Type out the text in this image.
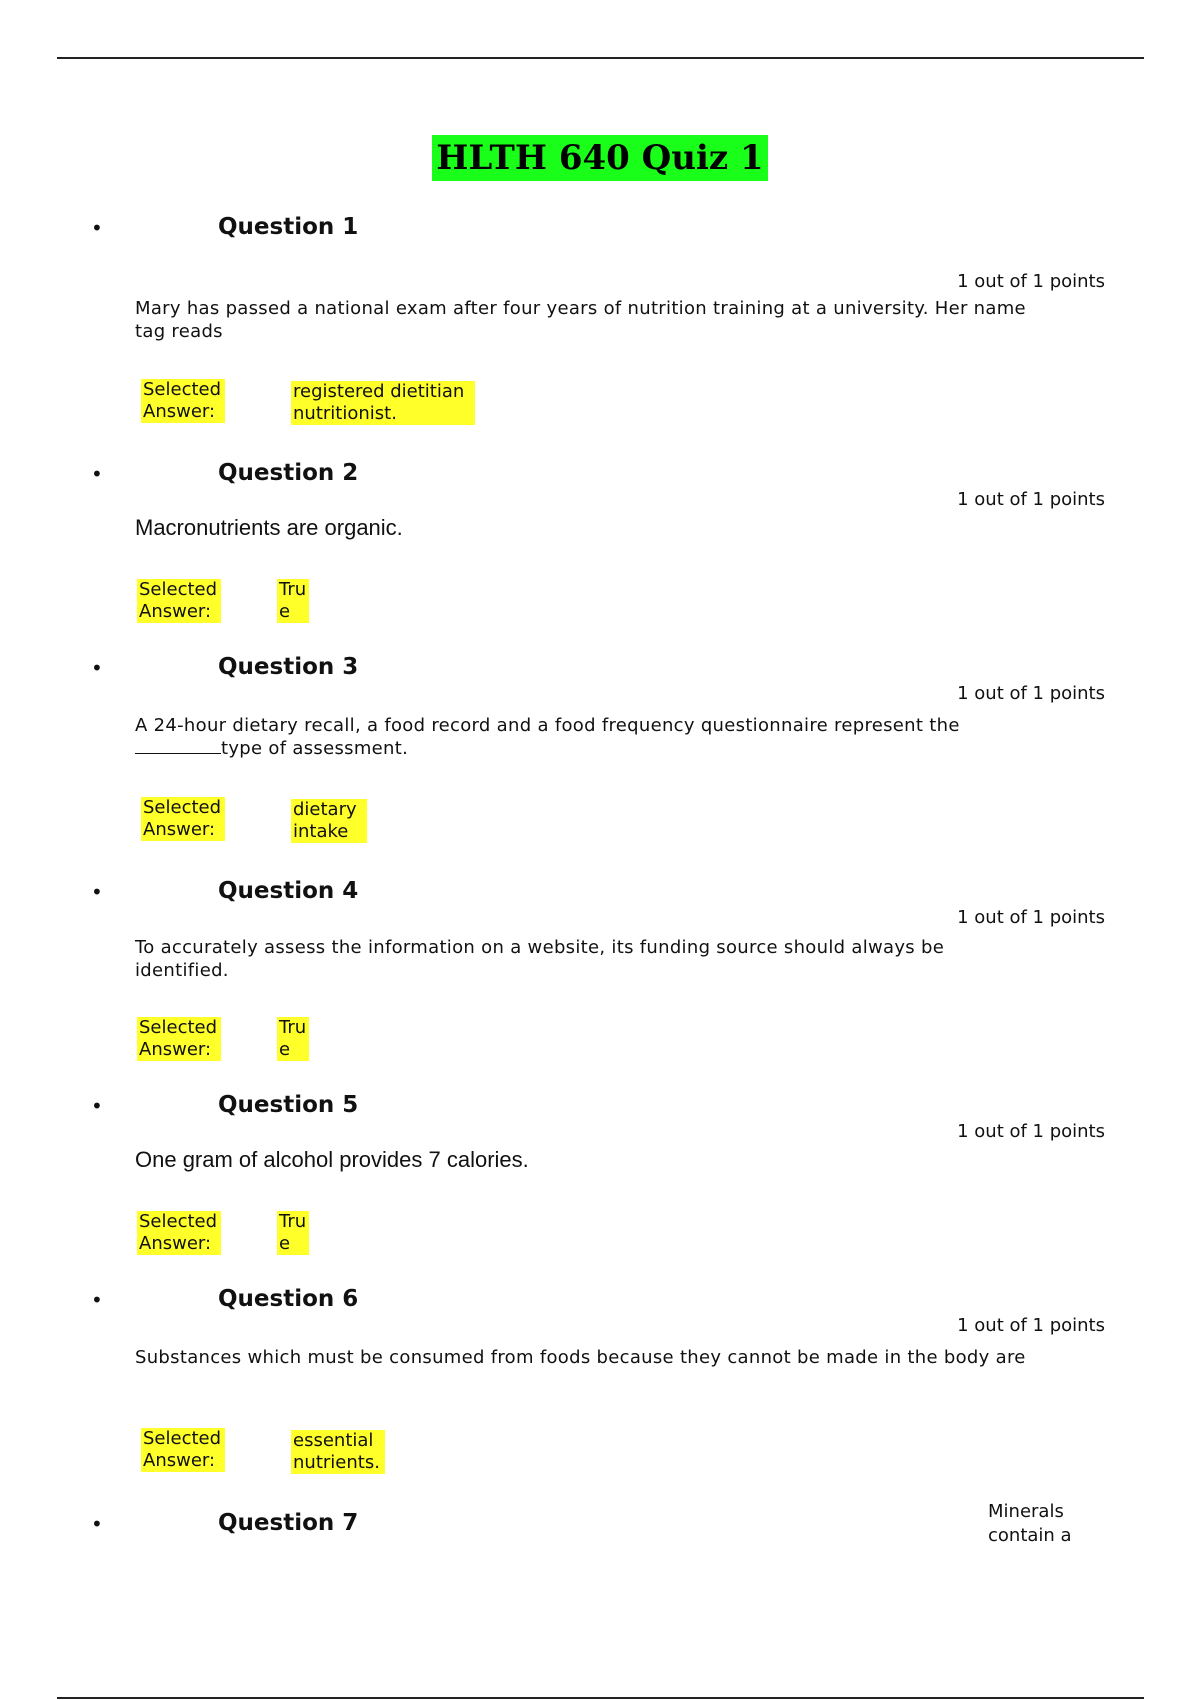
HLTH 640 Quiz 1
•	Question 1
1 out of 1 points
Mary has passed a national exam after four years of nutrition training at a university. Her name tag reads
Selected Answer:
registered dietitian nutritionist.
•	Question 2
1 out of 1 points
Macronutrients are organic.
Selected Answer:
True
•	Question 3
1 out of 1 points
A 24-hour dietary recall, a food record and a food frequency questionnaire represent the
type of assessment.
Selected Answer:
dietary intake
•	Question 4
1 out of 1 points
To accurately assess the information on a website, its funding source should always be identified.
Selected Answer:
True
•	Question 5
1 out of 1 points
One gram of alcohol provides 7 calories.
Selected Answer:
True
•	Question 6
1 out of 1 points
Substances which must be consumed from foods because they cannot be made in the body are
Selected Answer:
essential nutrients.
•	Question 7	Minerals contain a
